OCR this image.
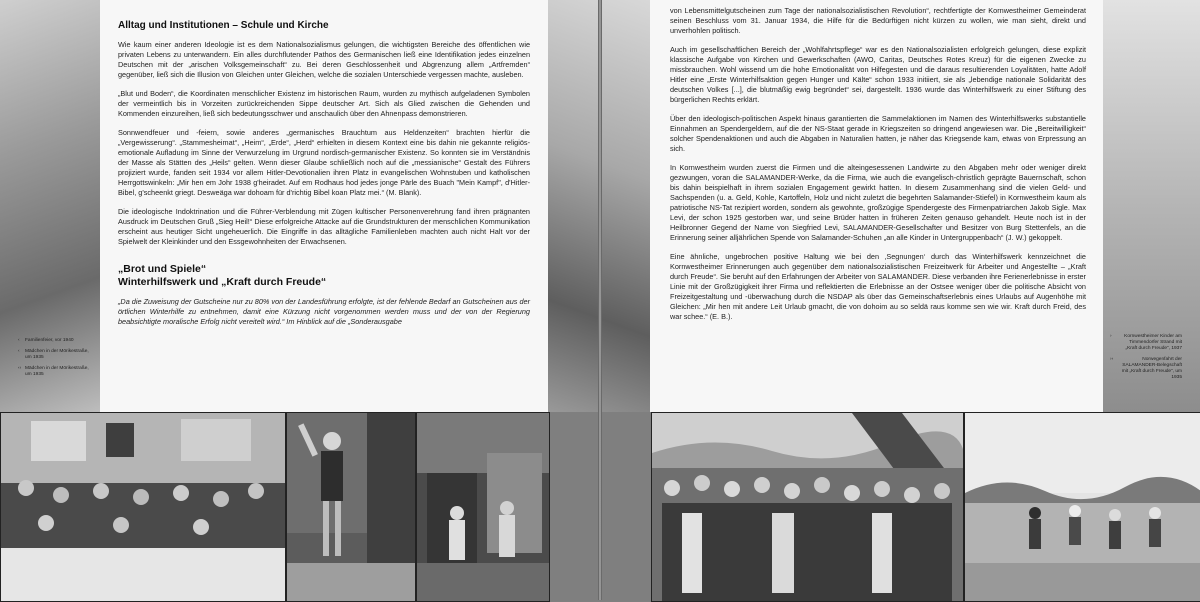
Alltag und Institutionen – Schule und Kirche

Wie kaum einer anderen Ideologie ist es dem Nationalsozialismus gelungen, die wichtigsten Bereiche des öffentlichen wie privaten Lebens zu unterwandern. Ein alles durchflutender Pathos des Germanischen ließ eine Identifikation jedes einzelnen Deutschen mit der „arischen Volksgemeinschaft“ zu. Bei deren Geschlossenheit und Abgrenzung allem „Artfremden“ gegenüber, ließ sich die Illusion von Gleichen unter Gleichen, welche die sozialen Unterschiede vergessen machte, ausleben.

„Blut und Boden“, die Koordinaten menschlicher Existenz im historischen Raum, wurden zu mythisch aufgeladenen Symbolen der vermeintlich bis in Vorzeiten zurückreichenden Sippe deutscher Art. Sich als Glied zwischen die Gehenden und Kommenden einzureihen, ließ sich bedeutungsschwer und anschaulich über den Ahnenpass demonstrieren.

Sonnwendfeuer und -feiern, sowie anderes „germanisches Brauchtum aus Heldenzeiten“ brachten hierfür die „Vergewisserung“. „Stammesheimat“, „Heim“, „Erde“, „Herd“ erhielten in diesem Kontext eine bis dahin nie gekannte religiös-emotionale Aufladung im Sinne der Verwurzelung im Urgrund nordisch-germanischer Existenz. So konnten sie im Verständnis der Masse als Stätten des „Heils“ gelten. Wenn dieser Glaube schließlich noch auf die „messianische“ Gestalt des Führers projiziert wurde, fanden seit 1934 vor allem Hitler-Devotionalien ihren Platz in evangelischen Wohnstuben und katholischen Herrgottswinkeln: „Mir hen em Johr 1938 g'heiradet. Auf em Rodhaus hod jedes jonge Pärle des Buach "Mein Kampf", d'Hitler-Bibel, g'scheenkt griegt. Desweäga war dohoam für d'richtig Bibel koan Platz mei.“ (M. Blank).

Die ideologische Indoktrination und die Führer-Verblendung mit Zügen kultischer Personenverehrung fand ihren prägnanten Ausdruck im Deutschen Gruß „Sieg Heil!“ Diese erfolgreiche Attacke auf die Grundstrukturen der menschlichen Kommunikation erscheint aus heutiger Sicht ungeheuerlich. Die Eingriffe in das alltägliche Familienleben machten auch nicht Halt vor der Spielwelt der Kleinkinder und den Essgewohnheiten der Erwachsenen.

„Brot und Spiele“
Winterhilfswerk und „Kraft durch Freude“

„Da die Zuweisung der Gutscheine nur zu 80% von der Landesführung erfolgte, ist der fehlende Bedarf an Gutscheinen aus der örtlichen Winterhilfe zu entnehmen, damit eine Kürzung nicht vorgenommen werden muss und der von der Regierung beabsichtigte moralische Erfolg nicht vereitelt wird.“ Im Hinblick auf die „Sonderausgabe

‹ Familienfeier, vor 1940
‹ Mädchen in der Mörikestraße, um 1935
‹‹ Mädchen in der Mörikestraße, um 1935

von Lebensmittelgutscheinen zum Tage der nationalsozialistischen Revolution“, rechtfertigte der Kornwestheimer Gemeinderat seinen Beschluss vom 31. Januar 1934, die Hilfe für die Bedürftigen nicht kürzen zu wollen, wie man sieht, direkt und unverhohlen politisch.

Auch im gesellschaftlichen Bereich der „Wohlfahrtspflege“ war es den Nationalsozialisten erfolgreich gelungen, diese explizit klassische Aufgabe von Kirchen und Gewerkschaften (AWO, Caritas, Deutsches Rotes Kreuz) für die eigenen Zwecke zu missbrauchen. Wohl wissend um die hohe Emotionalität von Hilfegesten und die daraus resultierenden Loyalitäten, hatte Adolf Hitler eine „Erste Winterhilfsaktion gegen Hunger und Kälte“ schon 1933 initiiert, sie als „lebendige nationale Solidarität des deutschen Volkes [...], die blutmäßig ewig begründet“ sei, dargestellt. 1936 wurde das Winterhilfswerk zu einer Stiftung des bürgerlichen Rechts erklärt.

Über den ideologisch-politischen Aspekt hinaus garantierten die Sammelaktionen im Namen des Winterhilfswerks substantielle Einnahmen an Spendergeldern, auf die der NS-Staat gerade in Kriegszeiten so dringend angewiesen war. Die „Bereitwilligkeit“ solcher Spendenaktionen und auch die Abgaben in Naturalien hatten, je näher das Kriegsende kam, etwas von Erpressung an sich.

In Kornwestheim wurden zuerst die Firmen und die alteingesessenen Landwirte zu den Abgaben mehr oder weniger direkt gezwungen, voran die SALAMANDER-Werke, da die Firma, wie auch die evangelisch-christlich geprägte Bauernschaft, schon bis dahin beispielhaft in ihrem sozialen Engagement gewirkt hatten. In diesem Zusammenhang sind die vielen Geld- und Sachspenden (u. a. Geld, Kohle, Kartoffeln, Holz und nicht zuletzt die begehrten Salamander-Stiefel) in Kornwestheim kaum als patriotische NS-Tat rezipiert worden, sondern als gewohnte, großzügige Spendergeste des Firmenpatriarchen Jakob Sigle. Max Levi, der schon 1925 gestorben war, und seine Brüder hatten in früheren Zeiten genauso gehandelt. Heute noch ist in der Heilbronner Gegend der Name von Siegfried Levi, SALAMANDER-Gesellschafter und Besitzer von Burg Stettenfels, an die Erinnerung seiner alljährlichen Spende von Salamander-Schuhen „an alle Kinder in Untergruppenbach“ (J. W.) gekoppelt.

Eine ähnliche, ungebrochen positive Haltung wie bei den ‚Segnungen‘ durch das Winterhilfswerk kennzeichnet die Kornwestheimer Erinnerungen auch gegenüber dem nationalsozialistischen Freizeitwerk für Arbeiter und Angestellte – „Kraft durch Freude“. Sie beruht auf den Erfahrungen der Arbeiter von SALAMANDER. Diese verbanden ihre Ferienerlebnisse in erster Linie mit der Großzügigkeit ihrer Firma und reflektierten die Erlebnisse an der Ostsee weniger über die politische Absicht von Freizeitgestaltung und -überwachung durch die NSDAP als über das Gemeinschaftserlebnis eines Urlaubs auf Augenhöhe mit Gleichen: „Mir hen mit andere Leit Urlaub gmacht, die von dohoim au so seldä raus komme sen wie wir. Kraft durch Freid, des war schee.“ (E. B.).

›	Kornwestheimer Kinder am Timmendorfer Strand mit „Kraft durch Freude“, 1937
››	Norwegenfahrt der SALAMANDER-Belegschaft mit „Kraft durch Freude“, um 1935
